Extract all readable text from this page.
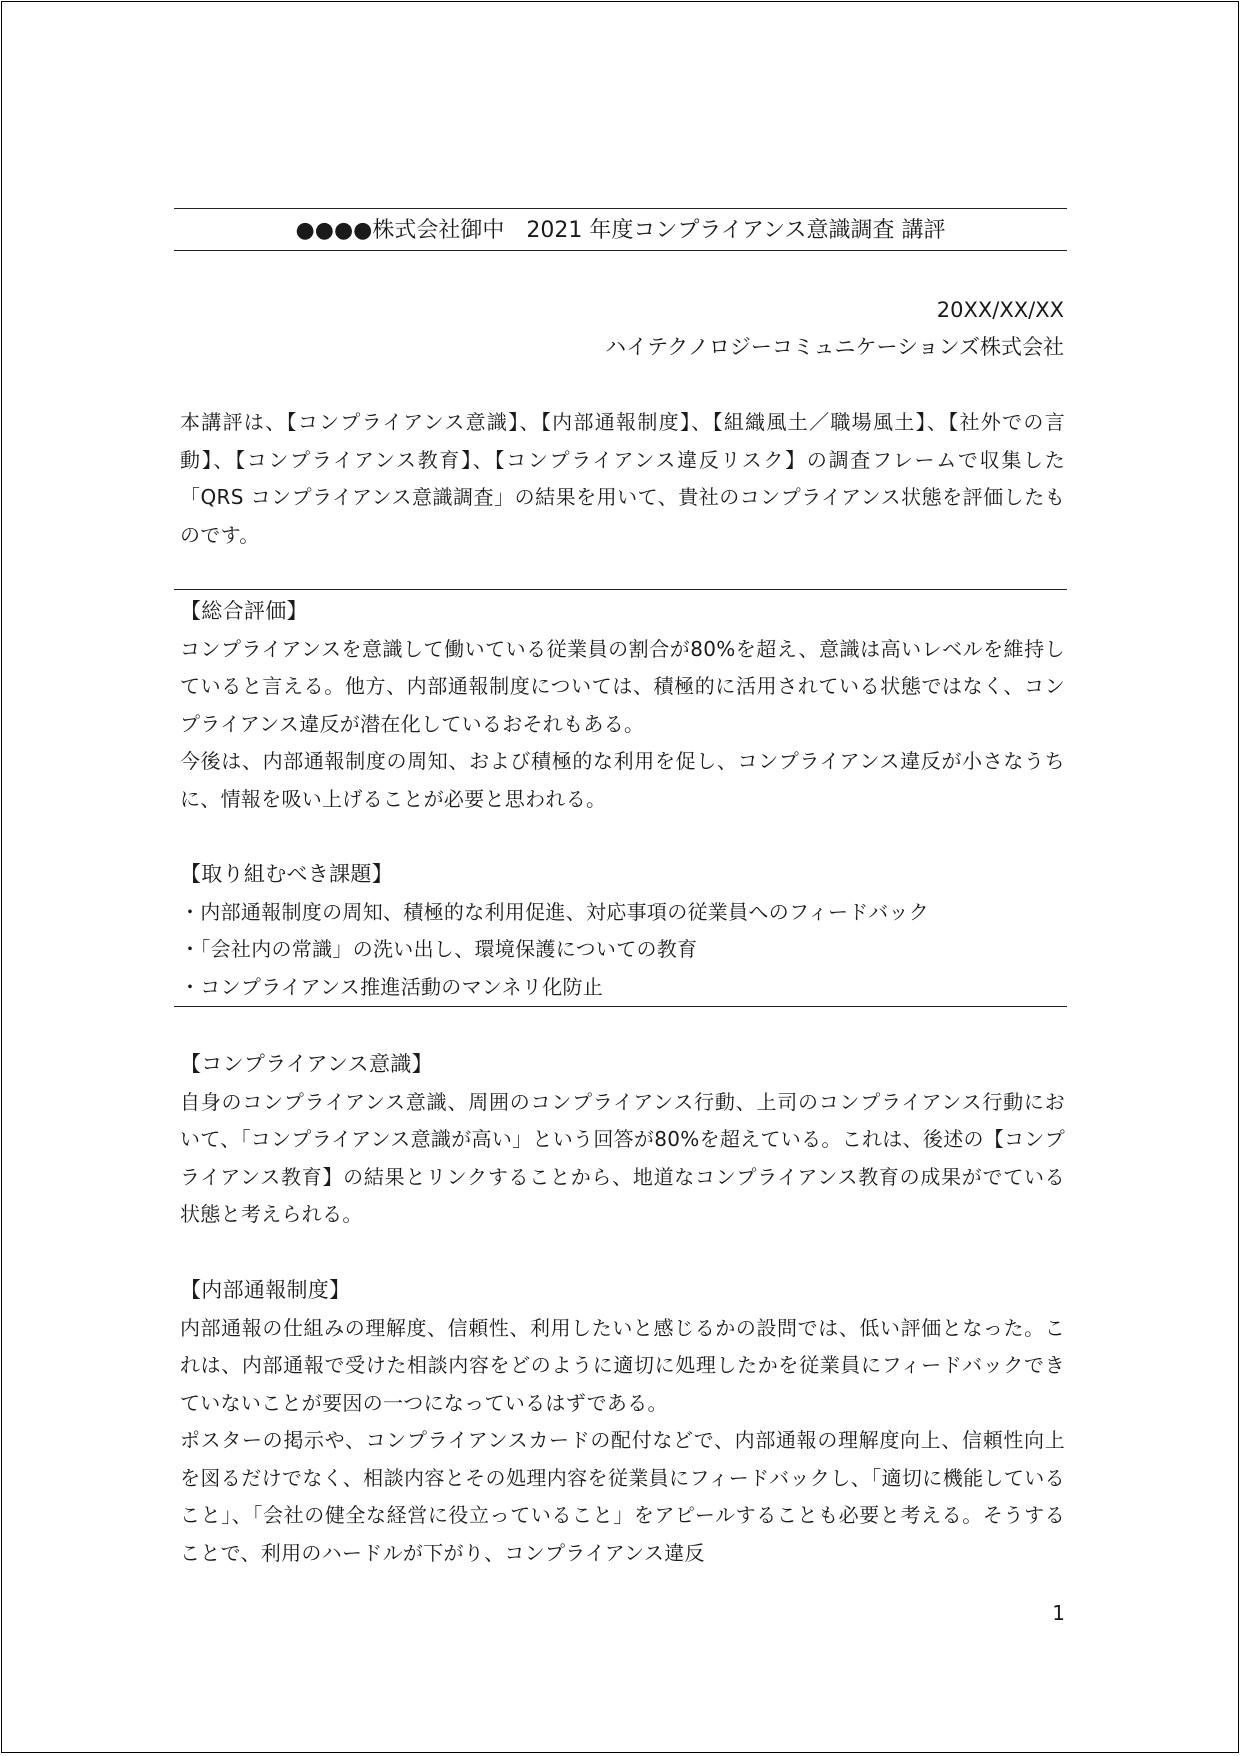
●●●●株式会社御中　2021 年度コンプライアンス意識調査 講評
20XX/XX/XX
ハイテクノロジーコミュニケーションズ株式会社

本講評は、【コンプライアンス意識】、【内部通報制度】、【組織風土／職場風土】、【社外での言動】、【コンプライアンス教育】、【コンプライアンス違反リスク】の調査フレームで収集した「QRS コンプライアンス意識調査」の結果を用いて、貴社のコンプライアンス状態を評価したものです。

【総合評価】

コンプライアンスを意識して働いている従業員の割合が80%を超え、意識は高いレベルを維持していると言える。他方、内部通報制度については、積極的に活用されている状態ではなく、コンプライアンス違反が潜在化しているおそれもある。

今後は、内部通報制度の周知、および積極的な利用を促し、コンプライアンス違反が小さなうちに、情報を吸い上げることが必要と思われる。

【取り組むべき課題】

・内部通報制度の周知、積極的な利用促進、対応事項の従業員へのフィードバック
・「会社内の常識」の洗い出し、環境保護についての教育
・コンプライアンス推進活動のマンネリ化防止

【コンプライアンス意識】

自身のコンプライアンス意識、周囲のコンプライアンス行動、上司のコンプライアンス行動において、「コンプライアンス意識が高い」という回答が80%を超えている。これは、後述の【コンプライアンス教育】の結果とリンクすることから、地道なコンプライアンス教育の成果がでている状態と考えられる。

【内部通報制度】

内部通報の仕組みの理解度、信頼性、利用したいと感じるかの設問では、低い評価となった。これは、内部通報で受けた相談内容をどのように適切に処理したかを従業員にフィードバックできていないことが要因の一つになっているはずである。

ポスターの掲示や、コンプライアンスカードの配付などで、内部通報の理解度向上、信頼性向上を図るだけでなく、相談内容とその処理内容を従業員にフィードバックし、「適切に機能していること」、「会社の健全な経営に役立っていること」をアピールすることも必要と考える。そうすることで、利用のハードルが下がり、コンプライアンス違反

1
